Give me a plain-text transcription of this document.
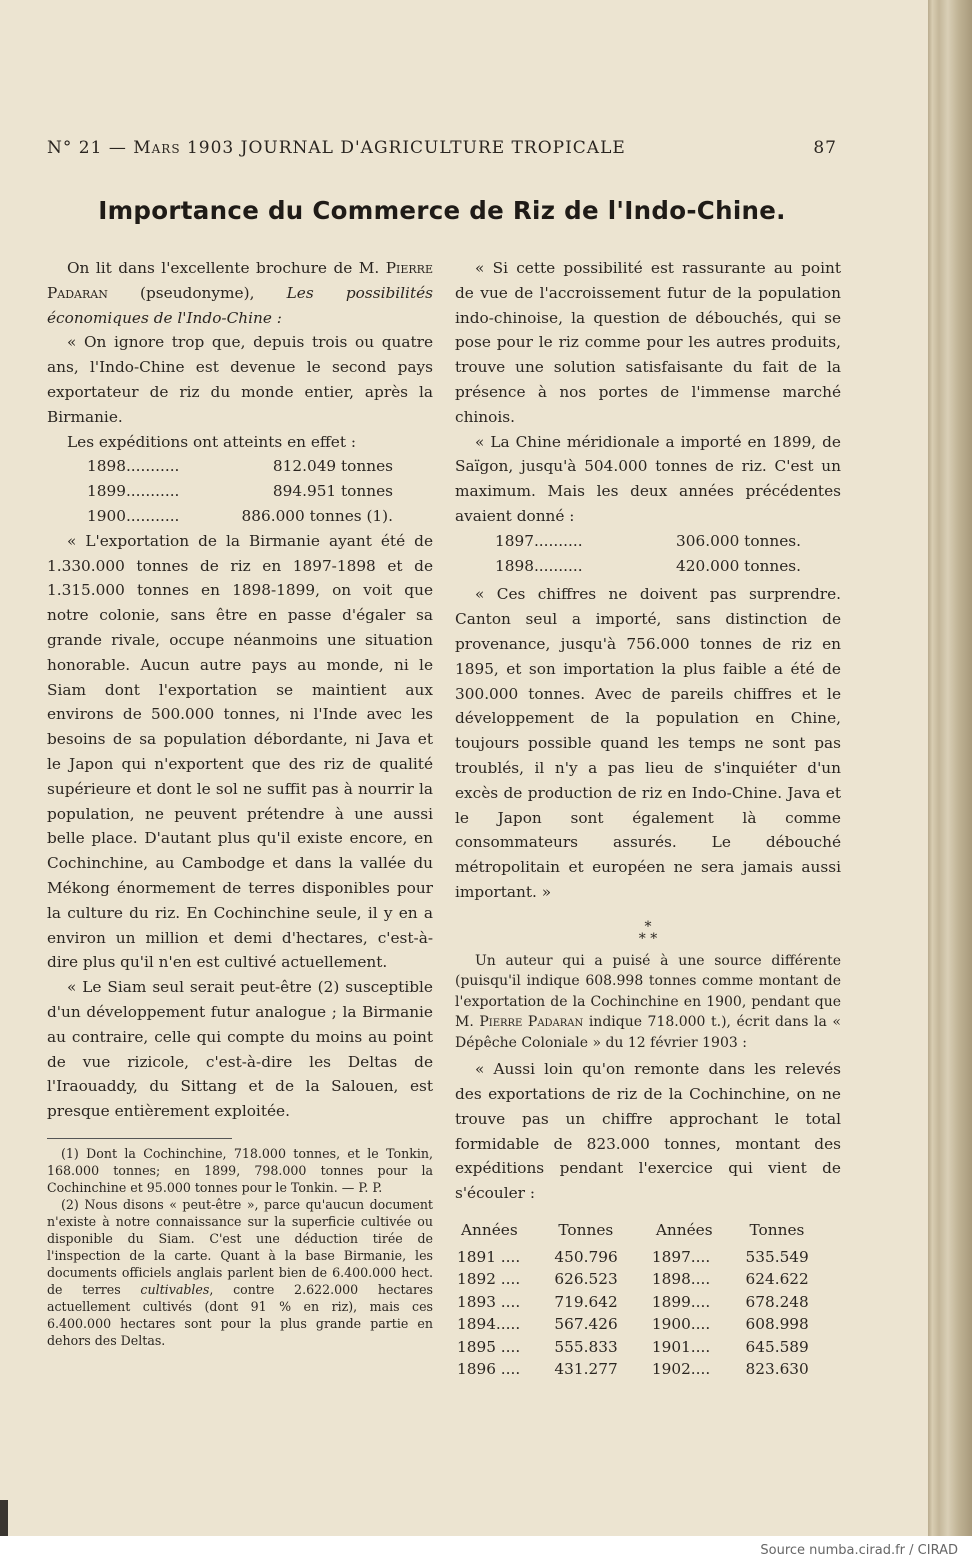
N° 21 — Mars 1903 JOURNAL D'AGRICULTURE TROPICALE	87
Importance du Commerce de Riz de l'Indo-Chine.

On lit dans l'excellente brochure de M. Pierre Padaran (pseudonyme), Les possibilités économiques de l'Indo-Chine :

« On ignore trop que, depuis trois ou quatre ans, l'Indo-Chine est devenue le second pays exportateur de riz du monde entier, après la Birmanie.

Les expéditions ont atteints en effet :

1898 ...........	812.049 tonnes
1899 ...........	894.951 tonnes
1900 ...........	886.000 tonnes (1).

« L'exportation de la Birmanie ayant été de 1.330.000 tonnes de riz en 1897-1898 et de 1.315.000 tonnes en 1898-1899, on voit que notre colonie, sans être en passe d'égaler sa grande rivale, occupe néanmoins une situation honorable. Aucun autre pays au monde, ni le Siam dont l'exportation se maintient aux environs de 500.000 tonnes, ni l'Inde avec les besoins de sa population débordante, ni Java et le Japon qui n'exportent que des riz de qualité supérieure et dont le sol ne suffit pas à nourrir la population, ne peuvent prétendre à une aussi belle place. D'autant plus qu'il existe encore, en Cochinchine, au Cambodge et dans la vallée du Mékong énormement de terres disponibles pour la culture du riz. En Cochinchine seule, il y en a environ un million et demi d'hectares, c'est-à-dire plus qu'il n'en est cultivé actuellement.

« Le Siam seul serait peut-être (2) susceptible d'un développement futur analogue ; la Birmanie au contraire, celle qui compte du moins au point de vue rizicole, c'est-à-dire les Deltas de l'Iraouaddy, du Sittang et de la Salouen, est presque entièrement exploitée.

(1) Dont la Cochinchine, 718.000 tonnes, et le Tonkin, 168.000 tonnes; en 1899, 798.000 tonnes pour la Cochinchine et 95.000 tonnes pour le Tonkin. — P. P.

(2) Nous disons « peut-être », parce qu'aucun document n'existe à notre connaissance sur la superficie cultivée ou disponible du Siam. C'est une déduction tirée de l'inspection de la carte. Quant à la base Birmanie, les documents officiels anglais parlent bien de 6.400.000 hect. de terres cultivables, contre 2.622.000 hectares actuellement cultivés (dont 91 % en riz), mais ces 6.400.000 hectares sont pour la plus grande partie en dehors des Deltas.

« Si cette possibilité est rassurante au point de vue de l'accroissement futur de la population indo-chinoise, la question de débouchés, qui se pose pour le riz comme pour les autres produits, trouve une solution satisfaisante du fait de la présence à nos portes de l'immense marché chinois.

« La Chine méridionale a importé en 1899, de Saïgon, jusqu'à 504.000 tonnes de riz. C'est un maximum. Mais les deux années précédentes avaient donné :

1897 ..........	306.000 tonnes.
1898 ..........	420.000 tonnes.

« Ces chiffres ne doivent pas surprendre. Canton seul a importé, sans distinction de provenance, jusqu'à 756.000 tonnes de riz en 1895, et son importation la plus faible a été de 300.000 tonnes. Avec de pareils chiffres et le développement de la population en Chine, toujours possible quand les temps ne sont pas troublés, il n'y a pas lieu de s'inquiéter d'un excès de production de riz en Indo-Chine. Java et le Japon sont également là comme consommateurs assurés. Le débouché métropolitain et européen ne sera jamais aussi important. »

*
* *

Un auteur qui a puisé à une source différente (puisqu'il indique 608.998 tonnes comme montant de l'exportation de la Cochinchine en 1900, pendant que M. Pierre Padaran indique 718.000 t.), écrit dans la « Dépêche Coloniale » du 12 février 1903 :

« Aussi loin qu'on remonte dans les relevés des exportations de riz de la Cochinchine, on ne trouve pas un chiffre approchant le total formidable de 823.000 tonnes, montant des expéditions pendant l'exercice qui vient de s'écouler :

Années	Tonnes	Années	Tonnes
1891 ....	450.796	1897....	535.549
1892 ....	626.523	1898....	624.622
1893 ....	719.642	1899....	678.248
1894.....	567.426	1900....	608.998
1895 ....	555.833	1901....	645.589
1896 ....	431.277	1902....	823.630
Source numba.cirad.fr / CIRAD
